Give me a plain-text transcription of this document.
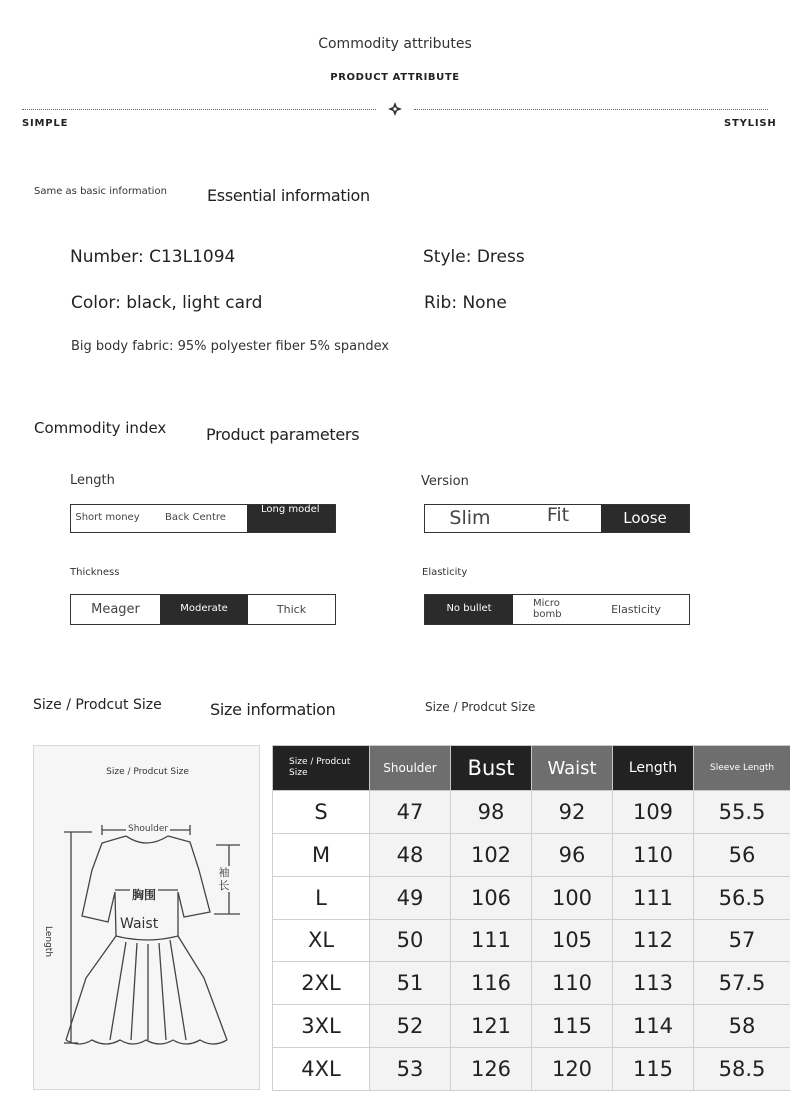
Commodity attributes
PRODUCT ATTRIBUTE
SIMPLE	STYLISH
Same as basic information	Essential information
Number: C13L1094	Style: Dress
Color: black, light card	Rib: None
Big body fabric: 95% polyester fiber 5% spandex
Commodity index Product parameters
Length
Short money	Back Centre
Long model
Version
Slim	Fit	Loose
Thickness
Meager	Moderate	Thick
Elasticity
No bullet	Micro bomb	Elasticity
Size / Prodcut Size	Size information	Size / Prodcut Size
Size / Prodcut Size
Shoulder
胸围
Waist
Length
袖长
Size / Prodcut Size	Shoulder	Bust	Waist	Length	Sleeve Length
S	47	98	92	109	55.5
M	48	102	96	110	56
L	49	106	100	111	56.5
XL	50	111	105	112	57
2XL	51	116	110	113	57.5
3XL	52	121	115	114	58
4XL	53	126	120	115	58.5
